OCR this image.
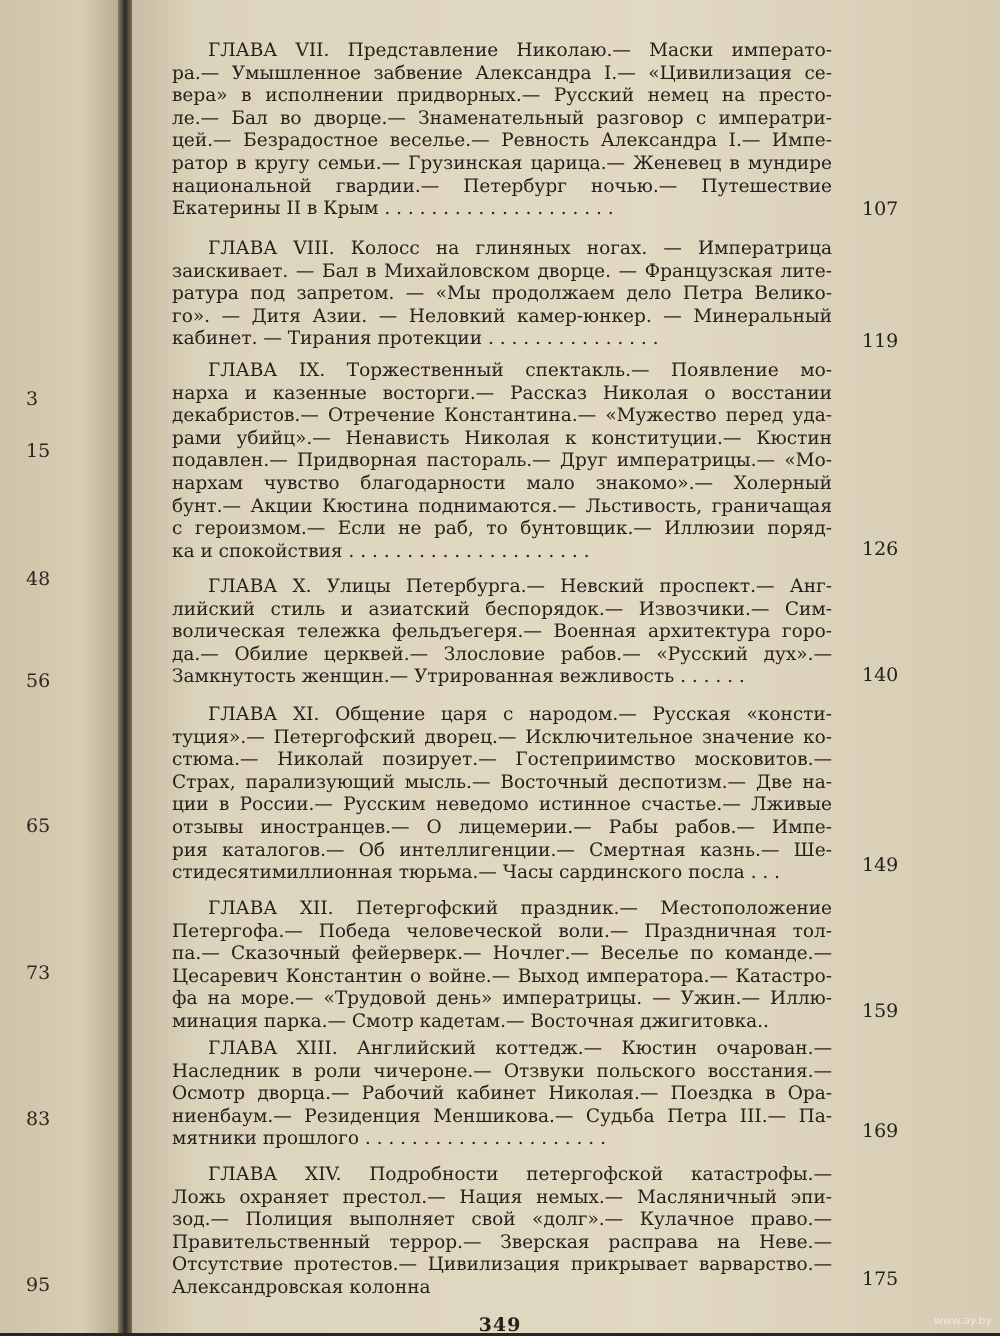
3
15
48
56
65
73
83
95
ГЛАВА VII. Представление Николаю.— Маски императо-
ра.— Умышленное забвение Александра I.— «Цивилизация се-
вера» в исполнении придворных.— Русский немец на престо-
ле.— Бал во дворце.— Знаменательный разговор с императри-
цей.— Безрадостное веселье.— Ревность Александра I.— Импе-
ратор в кругу семьи.— Грузинская царица.— Женевец в мундире
национальной гвардии.— Петербург ночью.— Путешествие
Екатерины II в Крым . . . . . . . . . . . . . . . . . . . .	107
ГЛАВА VIII. Колосс на глиняных ногах. — Императрица
заискивает. — Бал в Михайловском дворце. — Французская лите-
ратура под запретом. — «Мы продолжаем дело Петра Велико-
го». — Дитя Азии. — Неловкий камер-юнкер. — Минеральный
кабинет. — Тирания протекции . . . . . . . . . . . . . . .	119
ГЛАВА IX. Торжественный спектакль.— Появление мо-
нарха и казенные восторги.— Рассказ Николая о восстании
декабристов.— Отречение Константина.— «Мужество перед уда-
рами убийц».— Ненависть Николая к конституции.— Кюстин
подавлен.— Придворная пастораль.— Друг императрицы.— «Мо-
нархам чувство благодарности мало знакомо».— Холерный
бунт.— Акции Кюстина поднимаются.— Льстивость, граничащая
с героизмом.— Если не раб, то бунтовщик.— Иллюзии поряд-
ка и спокойствия . . . . . . . . . . . . . . . . . . . . .	126
ГЛАВА X. Улицы Петербурга.— Невский проспект.— Анг-
лийский стиль и азиатский беспорядок.— Извозчики.— Сим-
волическая тележка фельдъегеря.— Военная архитектура горо-
да.— Обилие церквей.— Злословие рабов.— «Русский дух».—
Замкнутость женщин.— Утрированная вежливость . . . . . .	140
ГЛАВА XI. Общение царя с народом.— Русская «консти-
туция».— Петергофский дворец.— Исключительное значение ко-
стюма.— Николай позирует.— Гостеприимство московитов.—
Страх, парализующий мысль.— Восточный деспотизм.— Две на-
ции в России.— Русским неведомо истинное счастье.— Лживые
отзывы иностранцев.— О лицемерии.— Рабы рабов.— Импе-
рия каталогов.— Об интеллигенции.— Смертная казнь.— Ше-
стидесятимиллионная тюрьма.— Часы сардинского посла . . .	149
ГЛАВА XII. Петергофский праздник.— Местоположение
Петергофа.— Победа человеческой воли.— Праздничная тол-
па.— Сказочный фейерверк.— Ночлег.— Веселье по команде.—
Цесаревич Константин о войне.— Выход императора.— Катастро-
фа на море.— «Трудовой день» императрицы. — Ужин.— Иллю-
минация парка.— Смотр кадетам.— Восточная джигитовка..	159
ГЛАВА XIII. Английский коттедж.— Кюстин очарован.—
Наследник в роли чичероне.— Отзвуки польского восстания.—
Осмотр дворца.— Рабочий кабинет Николая.— Поездка в Ора-
ниенбаум.— Резиденция Меншикова.— Судьба Петра III.— Па-
мятники прошлого . . . . . . . . . . . . . . . . . . . . .	169
ГЛАВА XIV. Подробности петергофской катастрофы.—
Ложь охраняет престол.— Нация немых.— Масляничный эпи-
зод.— Полиция выполняет свой «долг».— Кулачное право.—
Правительственный террор.— Зверская расправа на Неве.—
Отсутствие протестов.— Цивилизация прикрывает варварство.—
Александровская колонна	175
349	www.ay.by
